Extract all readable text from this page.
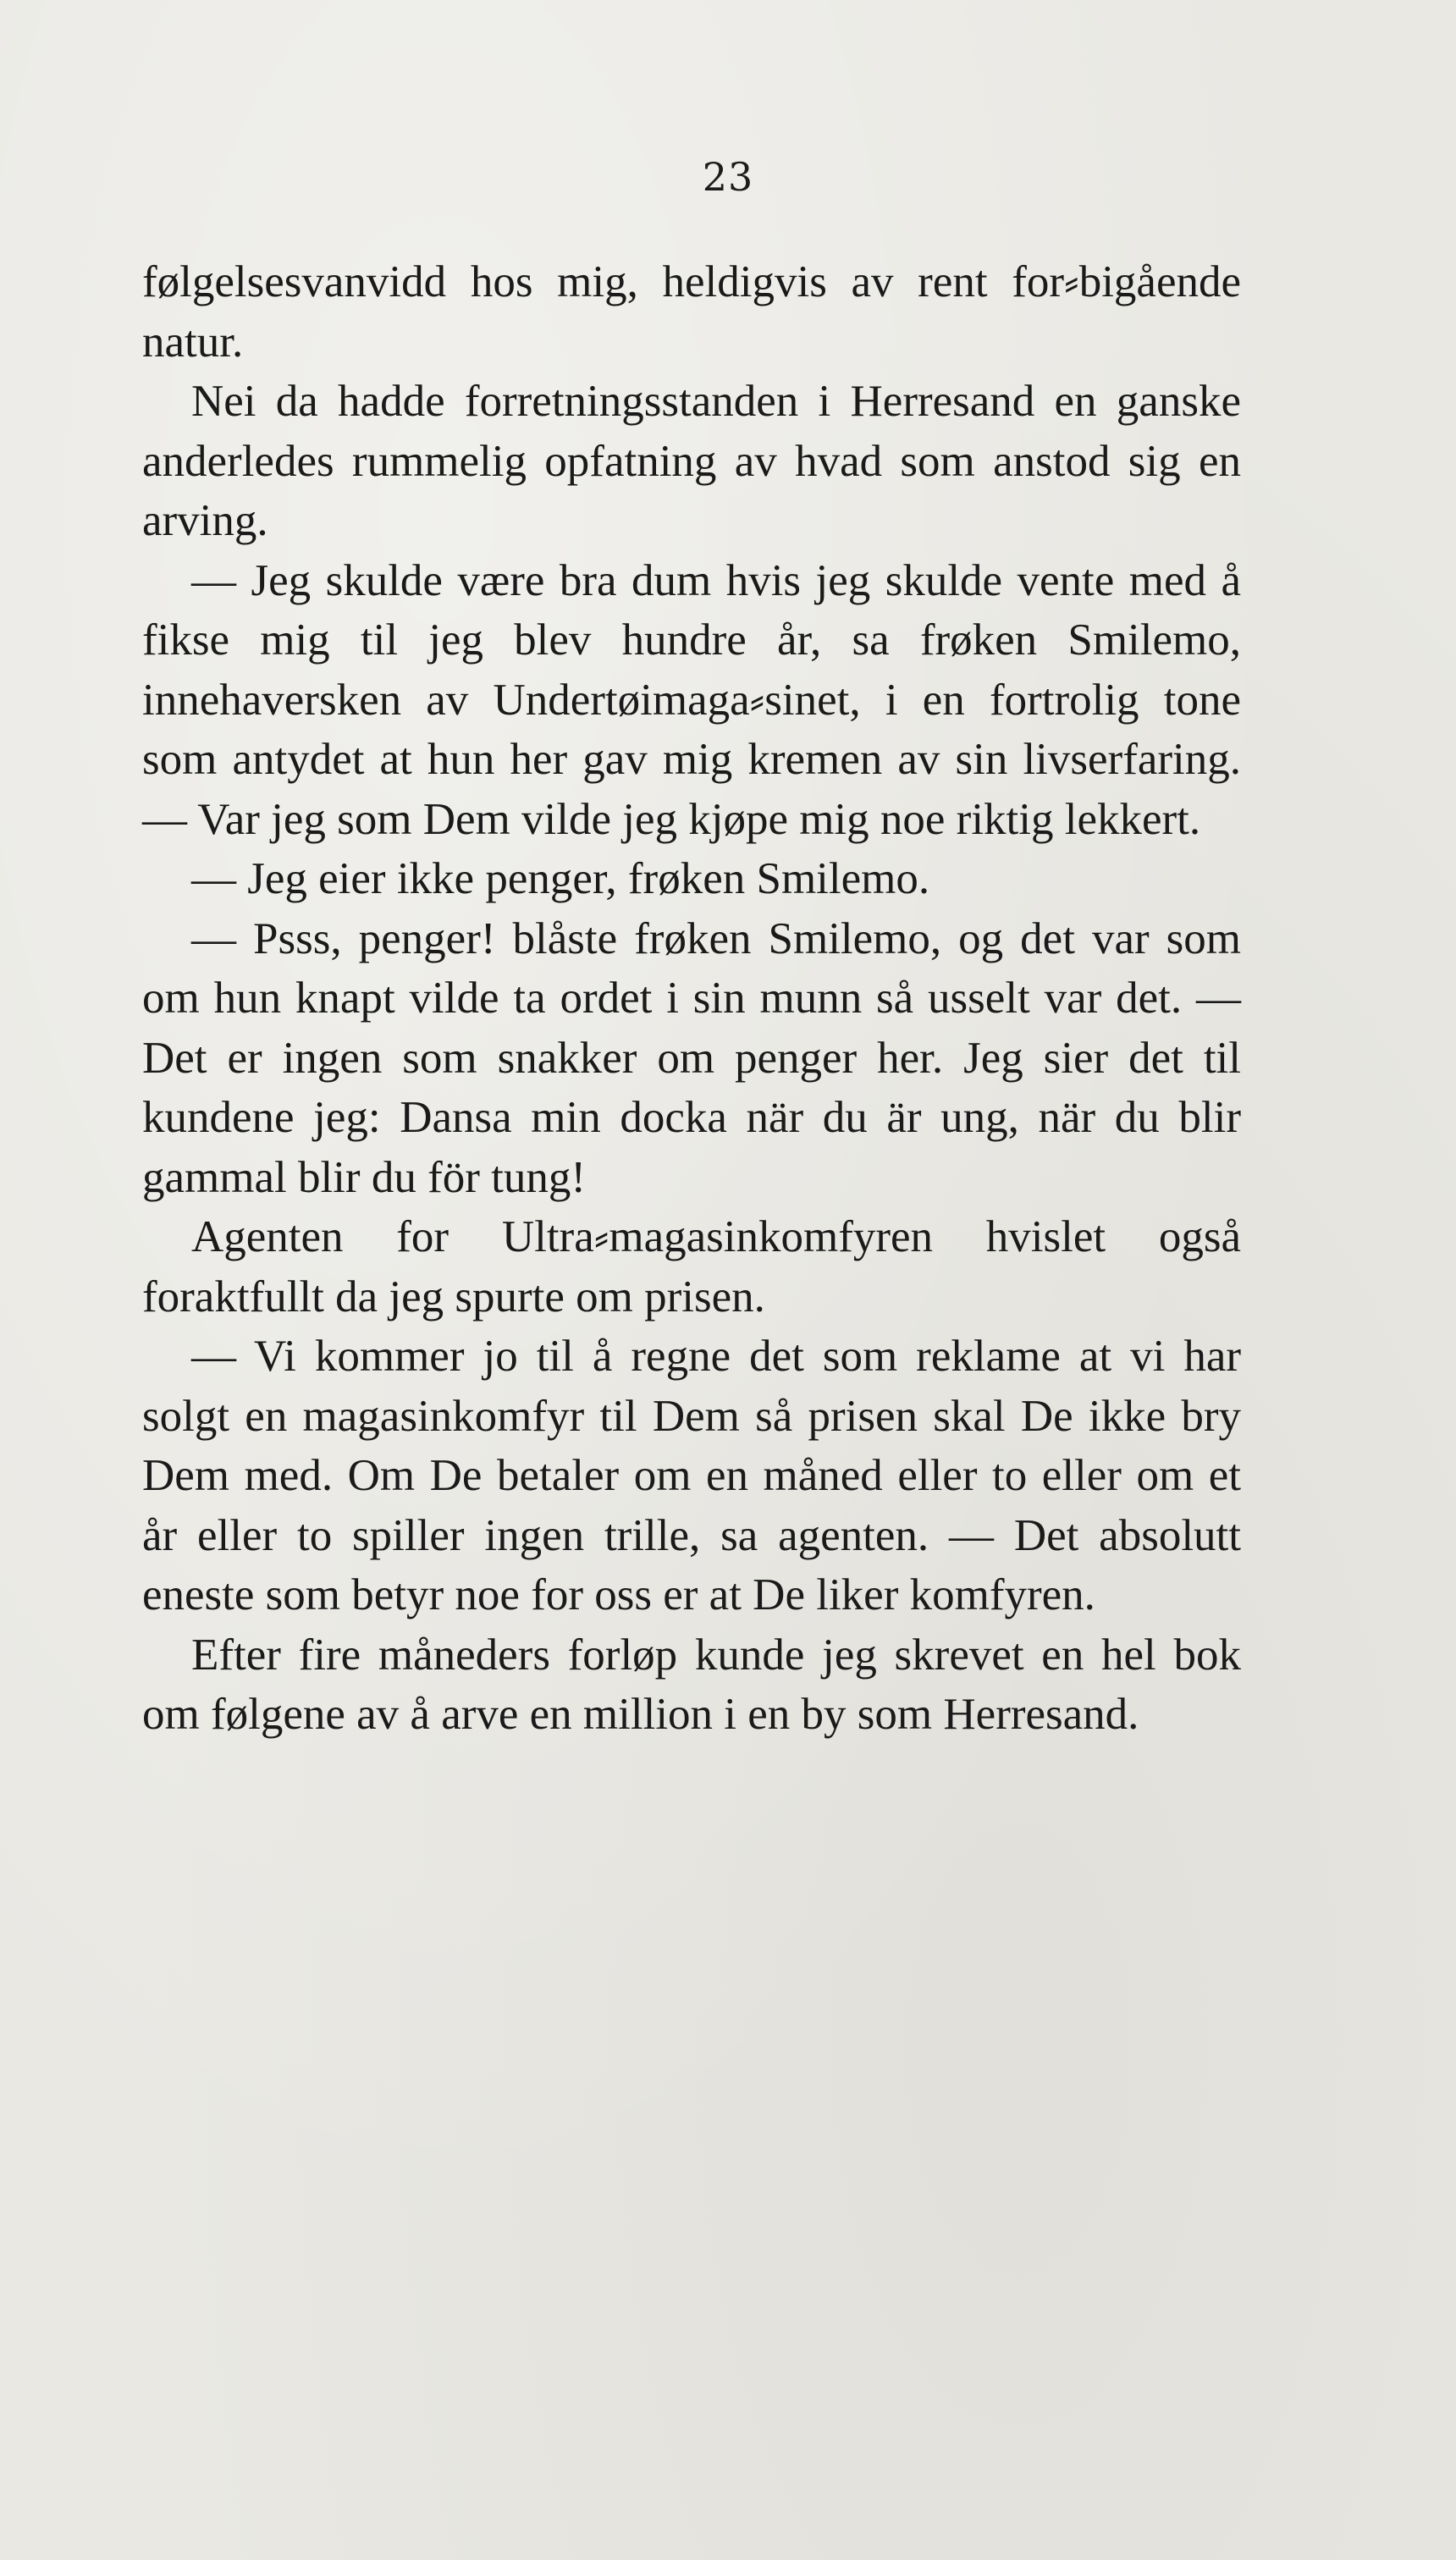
23

følgelsesvanvidd hos mig, heldigvis av rent for⸗bigående natur.

Nei da hadde forretningsstanden i Herresand en ganske anderledes rummelig opfatning av hvad som anstod sig en arving.

— Jeg skulde være bra dum hvis jeg skulde vente med å fikse mig til jeg blev hundre år, sa frøken Smilemo, innehaversken av Undertøimaga⸗sinet, i en fortrolig tone som antydet at hun her gav mig kremen av sin livserfaring. — Var jeg som Dem vilde jeg kjøpe mig noe riktig lekkert.

— Jeg eier ikke penger, frøken Smilemo.

— Psss, penger! blåste frøken Smilemo, og det var som om hun knapt vilde ta ordet i sin munn så usselt var det. — Det er ingen som snakker om penger her. Jeg sier det til kundene jeg: Dansa min docka när du är ung, när du blir gammal blir du för tung!

Agenten for Ultra⸗magasinkomfyren hvislet også foraktfullt da jeg spurte om prisen.

— Vi kommer jo til å regne det som reklame at vi har solgt en magasinkomfyr til Dem så prisen skal De ikke bry Dem med. Om De betaler om en måned eller to eller om et år eller to spiller ingen trille, sa agenten. — Det absolutt eneste som betyr noe for oss er at De liker komfyren.

Efter fire måneders forløp kunde jeg skrevet en hel bok om følgene av å arve en million i en by som Herresand.
